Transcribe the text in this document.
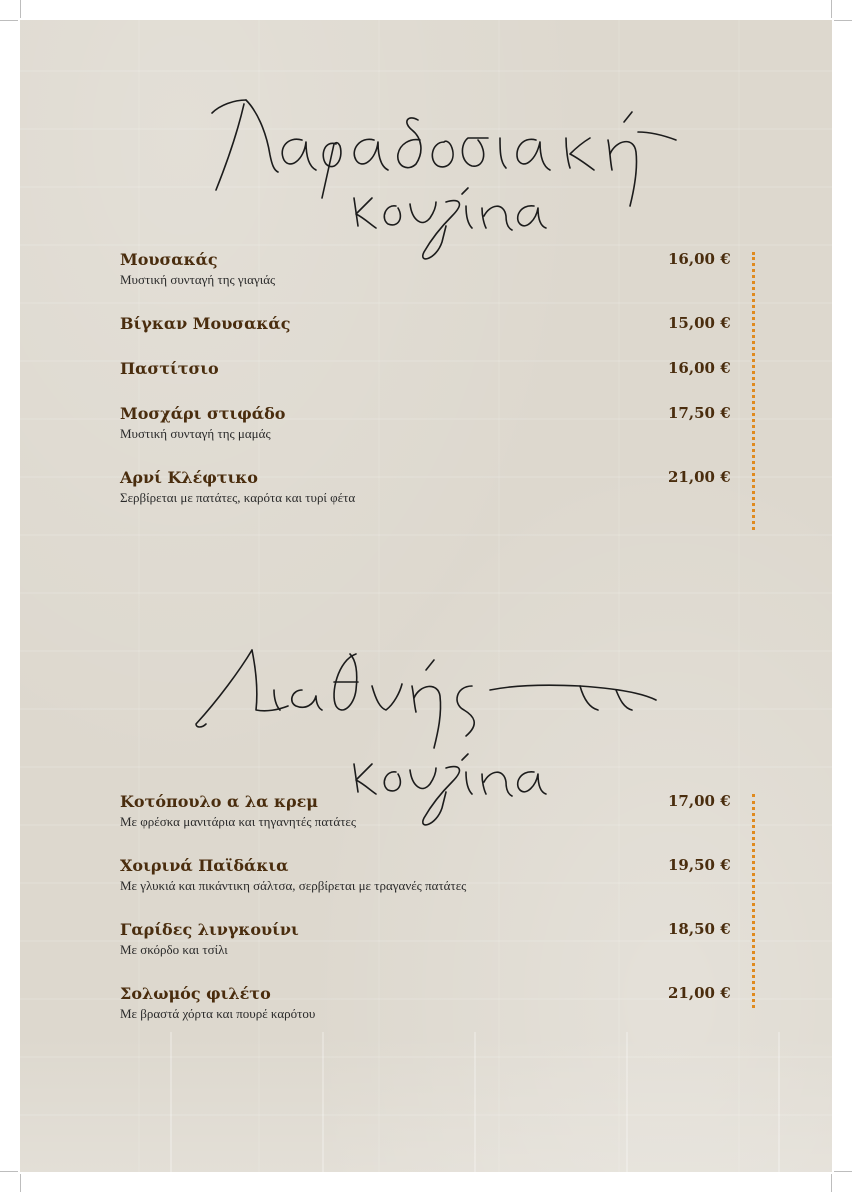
Μουσακάς
Μυστική συνταγή της γιαγιάς
16,00 €
Βίγκαν Μουσακάς	15,00 €
Παστίτσιο	16,00 €
Μοσχάρι στιφάδο
Μυστική συνταγή της μαμάς
17,50 €
Αρνί Κλέφτικο
Σερβίρεται με πατάτες, καρότα και τυρί φέτα
21,00 €
Κοτόπουλο α λα κρεμ
Με φρέσκα μανιτάρια και τηγανητές πατάτες
17,00 €
Χοιρινά Παϊδάκια
Με γλυκιά και πικάντικη σάλτσα, σερβίρεται με τραγανές πατάτες
19,50 €
Γαρίδες λινγκουίνι
Με σκόρδο και τσίλι
18,50 €
Σολωμός φιλέτο
Με βραστά χόρτα και πουρέ καρότου
21,00 €
